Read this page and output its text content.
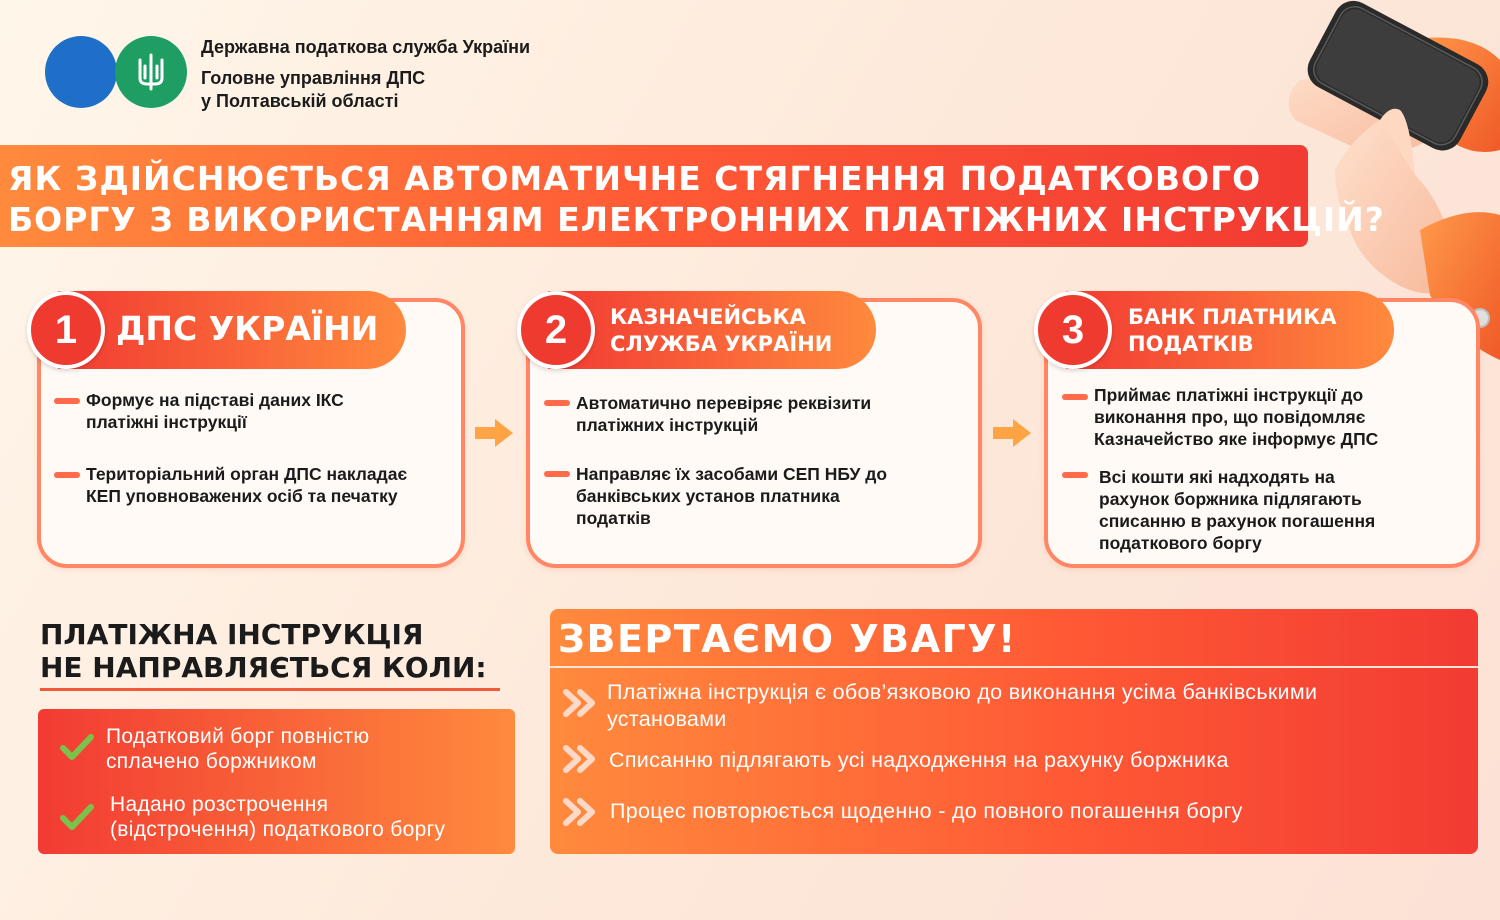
Державна податкова служба України
Головне управління ДПС
у Полтавській області
ЯК ЗДІЙСНЮЄТЬСЯ АВТОМАТИЧНЕ СТЯГНЕННЯ ПОДАТКОВОГО
БОРГУ З ВИКОРИСТАННЯМ ЕЛЕКТРОННИХ ПЛАТІЖНИХ ІНСТРУКЦІЙ?
1	ДПС УКРАЇНИ
Формує на підставі даних ІКС
платіжні інструкції
Територіальний орган ДПС накладає
КЕП уповноважених осіб та печатку
2	КАЗНАЧЕЙСЬКА
СЛУЖБА УКРАЇНИ
Автоматично перевіряє реквізити
платіжних інструкцій
Направляє їх засобами СЕП НБУ до
банківських установ платника
податків
3	БАНК ПЛАТНИКА
ПОДАТКІВ
Приймає платіжні інструкції до
виконання про, що повідомляє
Казначейство яке інформує ДПС
Всі кошти які надходять на
рахунок боржника підлягають
списанню в рахунок погашення
податкового боргу
ПЛАТІЖНА ІНСТРУКЦІЯ
НЕ НАПРАВЛЯЄТЬСЯ КОЛИ:
Податковий борг повністю
сплачено боржником
Надано розстрочення
(відстрочення) податкового боргу
ЗВЕРТАЄМО УВАГУ!
Платіжна інструкція є обов’язковою до виконання усіма банківськими
установами
Списанню підлягають усі надходження на рахунку боржника
Процес повторюється щоденно - до повного погашення боргу
